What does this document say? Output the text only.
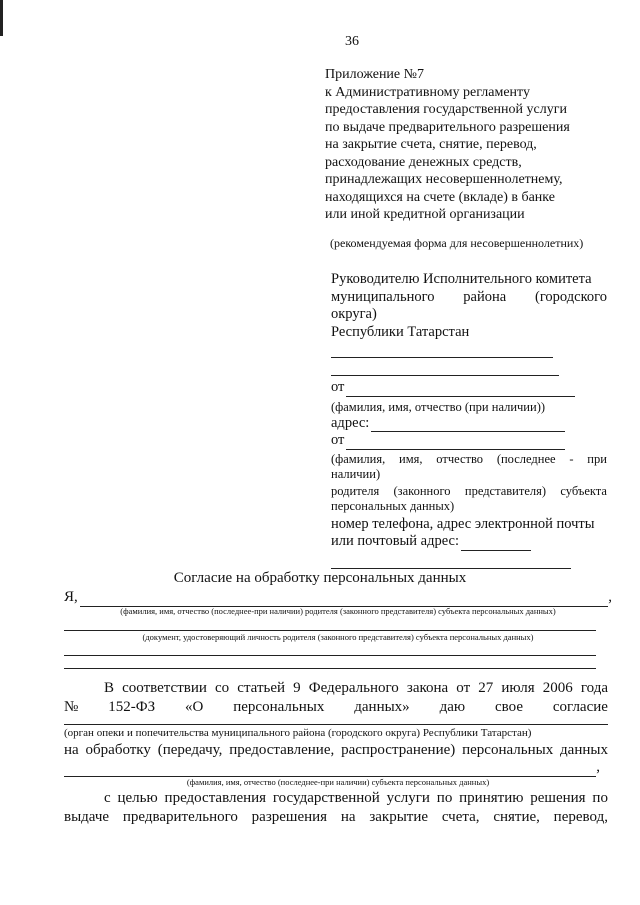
36
Приложение №7
к Административному регламенту
предоставления государственной услуги
по выдаче предварительного разрешения
на закрытие счета, снятие, перевод,
расходование денежных средств,
принадлежащих несовершеннолетнему,
находящихся на счете (вкладе) в банке
или иной кредитной организации
(рекомендуемая форма для несовершеннолетних)
Руководителю Исполнительного комитета
муниципального района (городского
округа)
Республики Татарстан
от
(фамилия, имя, отчество (при наличии))
адрес:
от
(фамилия, имя, отчество (последнее - при
наличии)
родителя (законного представителя) субъекта
персональных данных)
номер телефона, адрес электронной почты
или почтовый адрес:
Согласие на обработку персональных данных
Я,	,
(фамилия, имя, отчество (последнее-при наличии) родителя (законного представителя) субъекта персональных данных)
(документ, удостоверяющий личность родителя (законного представителя) субъекта персональных данных)
В соответствии со статьей 9 Федерального закона от 27 июля 2006 года
№ 152-ФЗ «О персональных данных» даю свое согласие
(орган опеки и попечительства муниципального района (городского округа) Республики Татарстан)
на обработку (передачу, предоставление, распространение) персональных данных
,
(фамилия, имя, отчество (последнее-при наличии) субъекта персональных данных)
с целью предоставления государственной услуги по принятию решения по
выдаче предварительного разрешения на закрытие счета, снятие, перевод,
